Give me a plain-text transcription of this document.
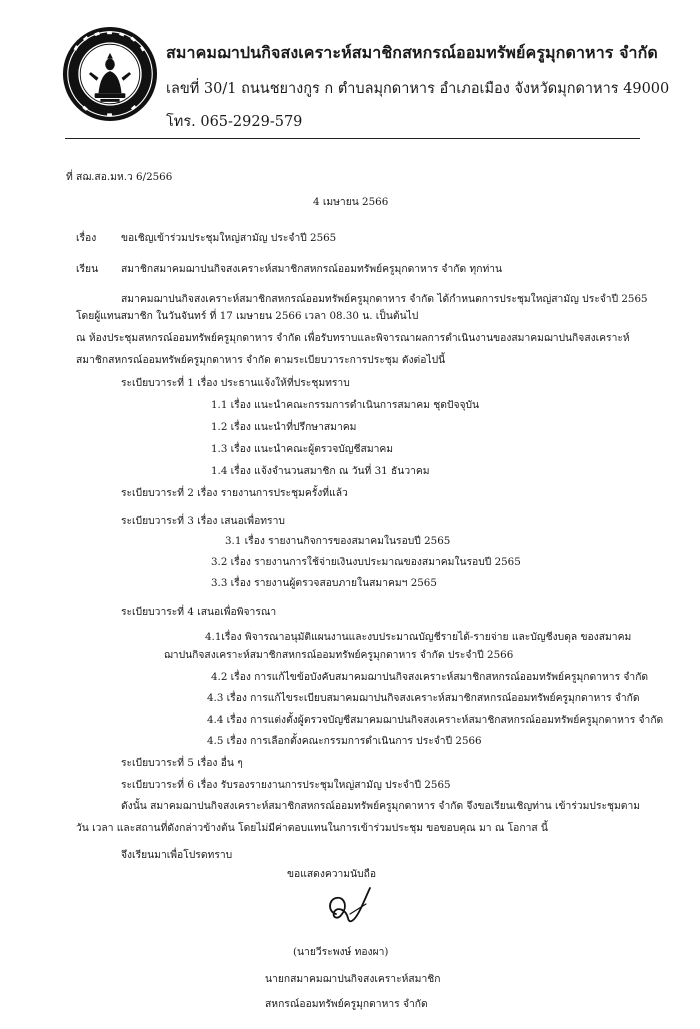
สมาคมฌาปนกิจสงเคราะห์สมาชิกสหกรณ์ออมทรัพย์ครูมุกดาหาร จำกัด
เลขที่ 30/1 ถนนชยางกูร ก ตำบลมุกดาหาร อำเภอเมือง จังหวัดมุกดาหาร 49000
โทร. 065-2929-579
ที่ สฌ.สอ.มห.ว 6/2566
4 เมษายน 2566
เรื่อง ขอเชิญเข้าร่วมประชุมใหญ่สามัญ ประจำปี 2565
เรียน สมาชิกสมาคมฌาปนกิจสงเคราะห์สมาชิกสหกรณ์ออมทรัพย์ครูมุกดาหาร จำกัด ทุกท่าน
สมาคมฌาปนกิจสงเคราะห์สมาชิกสหกรณ์ออมทรัพย์ครูมุกดาหาร จำกัด ได้กำหนดการประชุมใหญ่สามัญ ประจำปี 2565
โดยผู้แทนสมาชิก ในวันจันทร์ ที่ 17 เมษายน 2566 เวลา 08.30 น. เป็นต้นไป
ณ ห้องประชุมสหกรณ์ออมทรัพย์ครูมุกดาหาร จำกัด เพื่อรับทราบและพิจารณาผลการดำเนินงานของสมาคมฌาปนกิจสงเคราะห์
สมาชิกสหกรณ์ออมทรัพย์ครูมุกดาหาร จำกัด ตามระเบียบวาระการประชุม ดังต่อไปนี้
ระเบียบวาระที่ 1 เรื่อง ประธานแจ้งให้ที่ประชุมทราบ
1.1 เรื่อง แนะนำคณะกรรมการดำเนินการสมาคม ชุดปัจจุบัน
1.2 เรื่อง แนะนำที่ปรึกษาสมาคม
1.3 เรื่อง แนะนำคณะผู้ตรวจบัญชีสมาคม
1.4 เรื่อง แจ้งจำนวนสมาชิก ณ วันที่ 31 ธันวาคม
ระเบียบวาระที่ 2 เรื่อง รายงานการประชุมครั้งที่แล้ว
ระเบียบวาระที่ 3 เรื่อง เสนอเพื่อทราบ
3.1 เรื่อง รายงานกิจการของสมาคมในรอบปี 2565
3.2 เรื่อง รายงานการใช้จ่ายเงินงบประมาณของสมาคมในรอบปี 2565
3.3 เรื่อง รายงานผู้ตรวจสอบภายในสมาคมฯ 2565
ระเบียบวาระที่ 4 เสนอเพื่อพิจารณา
4.1เรื่อง พิจารณาอนุมัติแผนงานและงบประมาณบัญชีรายได้-รายจ่าย และบัญชีงบดุล ของสมาคม
ฌาปนกิจสงเคราะห์สมาชิกสหกรณ์ออมทรัพย์ครูมุกดาหาร จำกัด ประจำปี 2566
4.2 เรื่อง การแก้ไขข้อบังคับสมาคมฌาปนกิจสงเคราะห์สมาชิกสหกรณ์ออมทรัพย์ครูมุกดาหาร จำกัด
4.3 เรื่อง การแก้ไขระเบียบสมาคมฌาปนกิจสงเคราะห์สมาชิกสหกรณ์ออมทรัพย์ครูมุกดาหาร จำกัด
4.4 เรื่อง การแต่งตั้งผู้ตรวจบัญชีสมาคมฌาปนกิจสงเคราะห์สมาชิกสหกรณ์ออมทรัพย์ครูมุกดาหาร จำกัด
4.5 เรื่อง การเลือกตั้งคณะกรรมการดำเนินการ ประจำปี 2566
ระเบียบวาระที่ 5 เรื่อง อื่น ๆ
ระเบียบวาระที่ 6 เรื่อง รับรองรายงานการประชุมใหญ่สามัญ ประจำปี 2565
ดังนั้น สมาคมฌาปนกิจสงเคราะห์สมาชิกสหกรณ์ออมทรัพย์ครูมุกดาหาร จำกัด จึงขอเรียนเชิญท่าน เข้าร่วมประชุมตาม
วัน เวลา และสถานที่ดังกล่าวข้างต้น โดยไม่มีค่าตอบแทนในการเข้าร่วมประชุม ขอขอบคุณ มา ณ โอกาส นี้
จึงเรียนมาเพื่อโปรดทราบ
ขอแสดงความนับถือ
(นายวีระพงษ์ ทองผา)
นายกสมาคมฌาปนกิจสงเคราะห์สมาชิก
สหกรณ์ออมทรัพย์ครูมุกดาหาร จำกัด
